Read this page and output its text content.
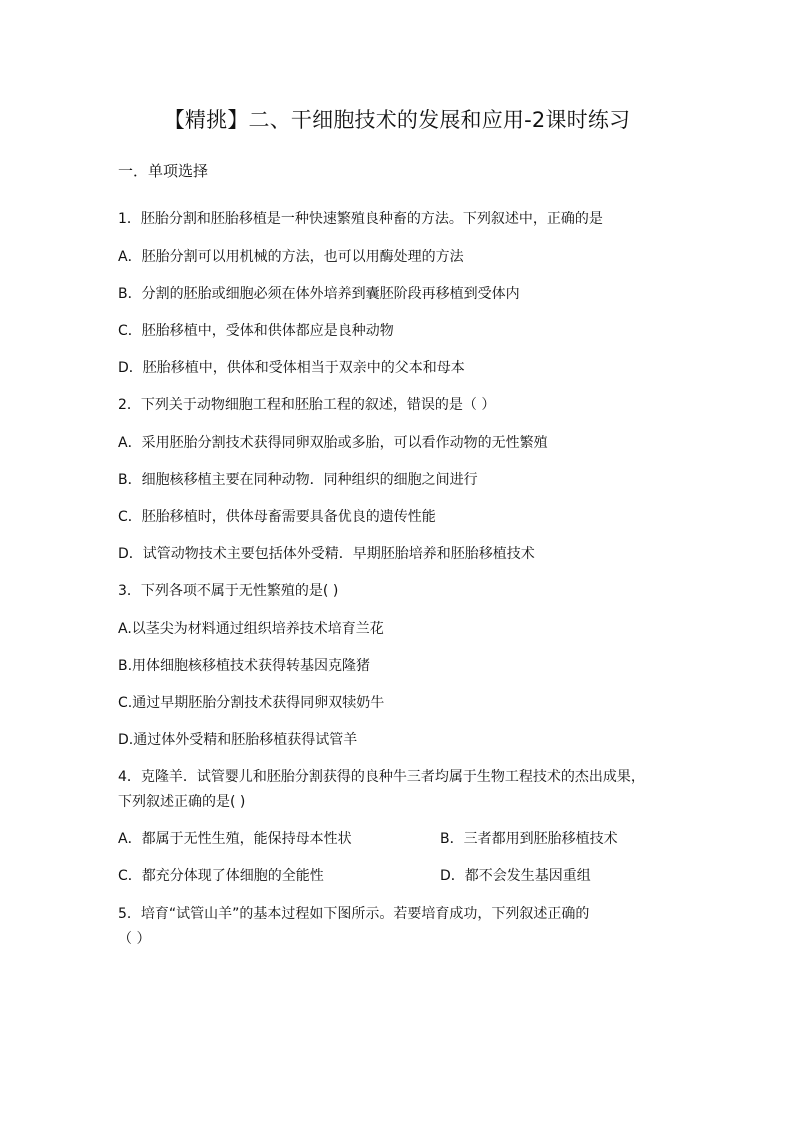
【精挑】二、干细胞技术的发展和应用-2课时练习
一．单项选择
1．胚胎分割和胚胎移植是一种快速繁殖良种畜的方法。下列叙述中，正确的是
A．胚胎分割可以用机械的方法，也可以用酶处理的方法
B．分割的胚胎或细胞必须在体外培养到囊胚阶段再移植到受体内
C．胚胎移植中，受体和供体都应是良种动物
D．胚胎移植中，供体和受体相当于双亲中的父本和母本
2．下列关于动物细胞工程和胚胎工程的叙述，错误的是（ ）
A．采用胚胎分割技术获得同卵双胎或多胎，可以看作动物的无性繁殖
B．细胞核移植主要在同种动物．同种组织的细胞之间进行
C．胚胎移植时，供体母畜需要具备优良的遗传性能
D．试管动物技术主要包括体外受精．早期胚胎培养和胚胎移植技术
3．下列各项不属于无性繁殖的是( )
A.以茎尖为材料通过组织培养技术培育兰花
B.用体细胞核移植技术获得转基因克隆猪
C.通过早期胚胎分割技术获得同卵双犊奶牛
D.通过体外受精和胚胎移植获得试管羊
4．克隆羊．试管婴儿和胚胎分割获得的良种牛三者均属于生物工程技术的杰出成果，
下列叙述正确的是( )
A．都属于无性生殖，能保持母本性状	B．三者都用到胚胎移植技术
C．都充分体现了体细胞的全能性	D．都不会发生基因重组
5．培育“试管山羊”的基本过程如下图所示。若要培育成功，下列叙述正确的
（ ）
